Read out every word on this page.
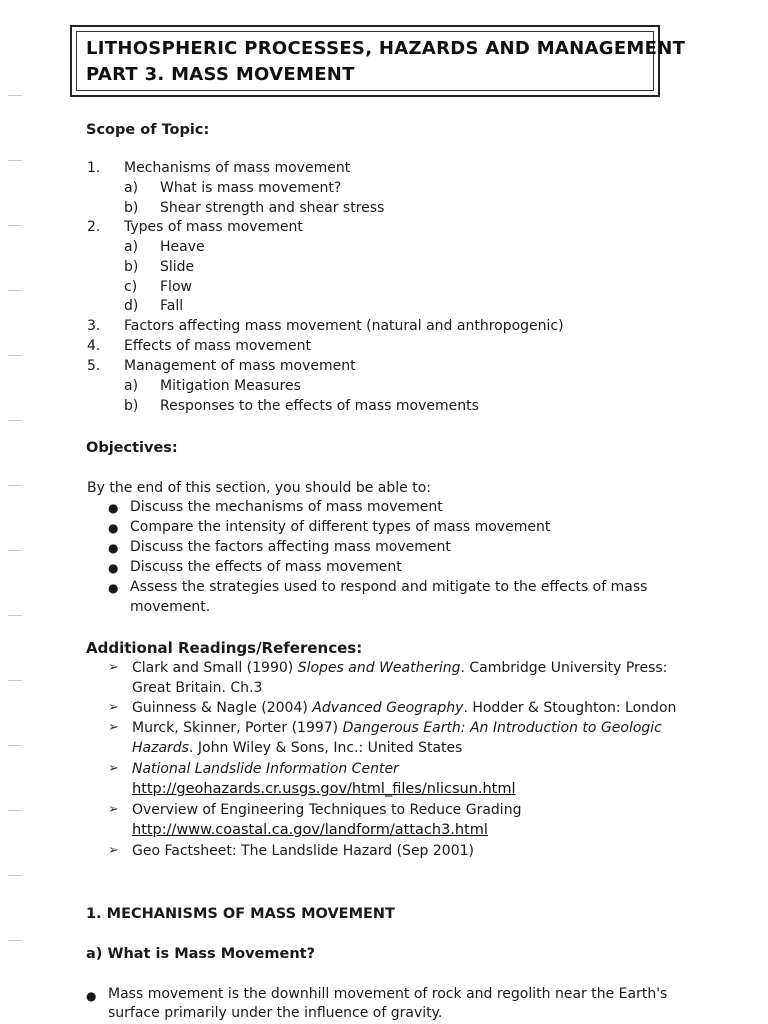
LITHOSPHERIC PROCESSES, HAZARDS AND MANAGEMENT
PART 3. MASS MOVEMENT
Scope of Topic:
1. Mechanisms of mass movement
a) What is mass movement?
b) Shear strength and shear stress
2. Types of mass movement
a) Heave
b) Slide
c) Flow
d) Fall
3. Factors affecting mass movement (natural and anthropogenic)
4. Effects of mass movement
5. Management of mass movement
a) Mitigation Measures
b) Responses to the effects of mass movements
Objectives:
By the end of this section, you should be able to:
● Discuss the mechanisms of mass movement
● Compare the intensity of different types of mass movement
● Discuss the factors affecting mass movement
● Discuss the effects of mass movement
● Assess the strategies used to respond and mitigate to the effects of mass
movement.
Additional Readings/References:
➢ Clark and Small (1990) Slopes and Weathering. Cambridge University Press:
Great Britain. Ch.3
➢ Guinness & Nagle (2004) Advanced Geography. Hodder & Stoughton: London
➢ Murck, Skinner, Porter (1997) Dangerous Earth: An Introduction to Geologic
Hazards. John Wiley & Sons, Inc.: United States
➢ National Landslide Information Center
http://geohazards.cr.usgs.gov/html_files/nlicsun.html
➢ Overview of Engineering Techniques to Reduce Grading
http://www.coastal.ca.gov/landform/attach3.html
➢ Geo Factsheet: The Landslide Hazard (Sep 2001)
1. MECHANISMS OF MASS MOVEMENT
a) What is Mass Movement?
● Mass movement is the downhill movement of rock and regolith near the Earth's
surface primarily under the influence of gravity.
